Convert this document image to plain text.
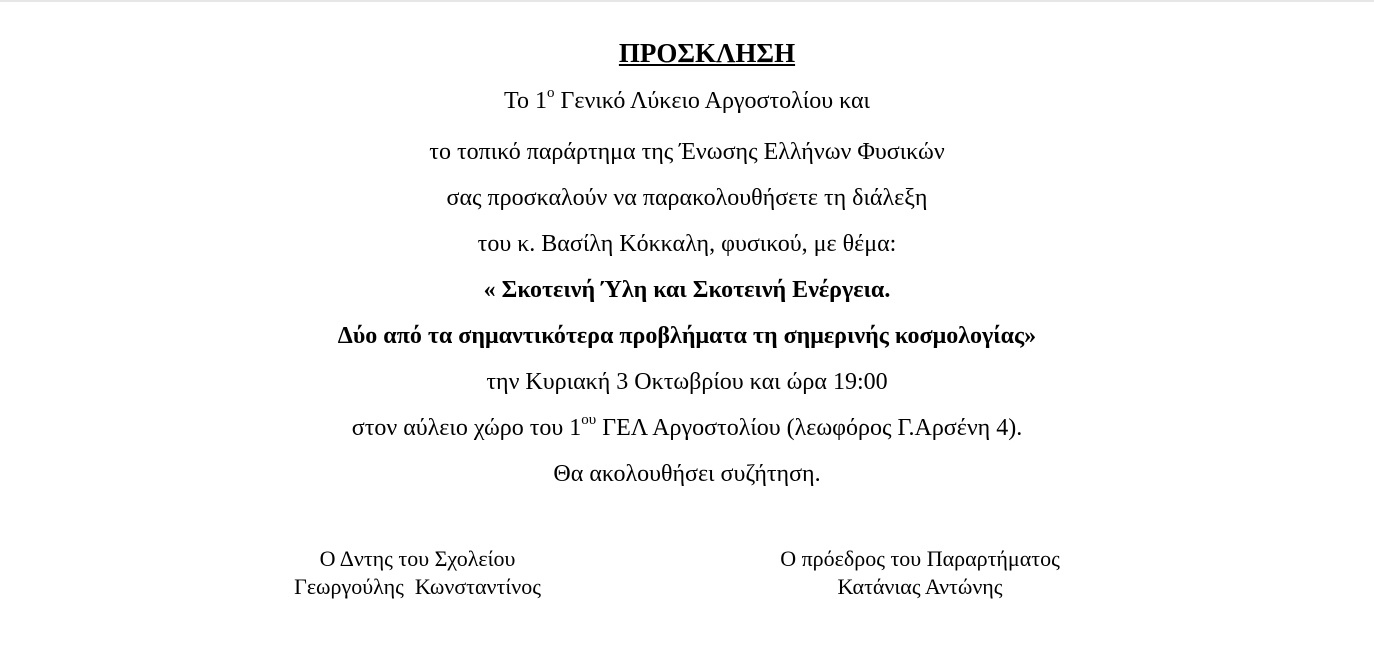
ΠΡΟΣΚΛΗΣΗ

Το $1^o$ Γενικό Λύκειο Αργοστολίου και

το τοπικό παράρτημα της Ένωσης Ελλήνων Φυσικών

σας προσκαλούν να παρακολουθήσετε τη διάλεξη

του κ. Βασίλη Κόκκαλη, φυσικού, με θέμα:

« Σκοτεινή Ύλη και Σκοτεινή Ενέργεια.

Δύο από τα σημαντικότερα προβλήματα τη σημερινής κοσμολογίας»

την Κυριακή 3 Οκτωβρίου και ώρα 19:00

στον αύλειο χώρο του $1^{o\upsilon}$ ΓΕΛ Αργοστολίου (λεωφόρος Γ.Αρσένη 4).

Θα ακολουθήσει συζήτηση.

Ο Δντης του Σχολείου
Γεωργούλης  Κωνσταντίνος
Ο πρόεδρος του Παραρτήματος
Κατάνιας Αντώνης
